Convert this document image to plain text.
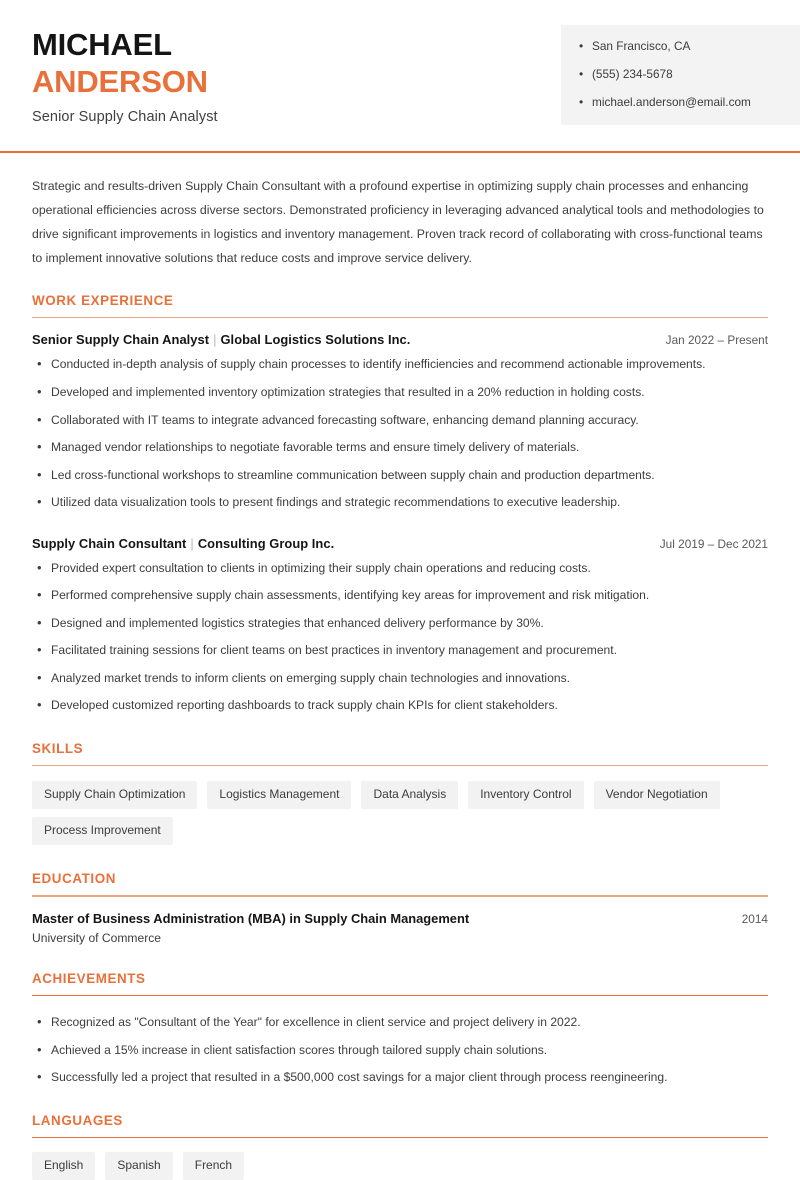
MICHAEL
ANDERSON
Senior Supply Chain Analyst
• San Francisco, CA
• (555) 234-5678
• michael.anderson@email.com

Strategic and results-driven Supply Chain Consultant with a profound expertise in optimizing supply chain processes and enhancing operational efficiencies across diverse sectors. Demonstrated proficiency in leveraging advanced analytical tools and methodologies to drive significant improvements in logistics and inventory management. Proven track record of collaborating with cross-functional teams to implement innovative solutions that reduce costs and improve service delivery.

WORK EXPERIENCE
Senior Supply Chain Analyst | Global Logistics Solutions Inc.	Jan 2022 – Present
• Conducted in-depth analysis of supply chain processes to identify inefficiencies and recommend actionable improvements.
• Developed and implemented inventory optimization strategies that resulted in a 20% reduction in holding costs.
• Collaborated with IT teams to integrate advanced forecasting software, enhancing demand planning accuracy.
• Managed vendor relationships to negotiate favorable terms and ensure timely delivery of materials.
• Led cross-functional workshops to streamline communication between supply chain and production departments.
• Utilized data visualization tools to present findings and strategic recommendations to executive leadership.
Supply Chain Consultant | Consulting Group Inc.	Jul 2019 – Dec 2021
• Provided expert consultation to clients in optimizing their supply chain operations and reducing costs.
• Performed comprehensive supply chain assessments, identifying key areas for improvement and risk mitigation.
• Designed and implemented logistics strategies that enhanced delivery performance by 30%.
• Facilitated training sessions for client teams on best practices in inventory management and procurement.
• Analyzed market trends to inform clients on emerging supply chain technologies and innovations.
• Developed customized reporting dashboards to track supply chain KPIs for client stakeholders.
SKILLS
Supply Chain Optimization	Logistics Management	Data Analysis	Inventory Control	Vendor Negotiation
Process Improvement
EDUCATION
Master of Business Administration (MBA) in Supply Chain Management	2014
University of Commerce
ACHIEVEMENTS
• Recognized as "Consultant of the Year" for excellence in client service and project delivery in 2022.
• Achieved a 15% increase in client satisfaction scores through tailored supply chain solutions.
• Successfully led a project that resulted in a $500,000 cost savings for a major client through process reengineering.
LANGUAGES
English	Spanish	French
